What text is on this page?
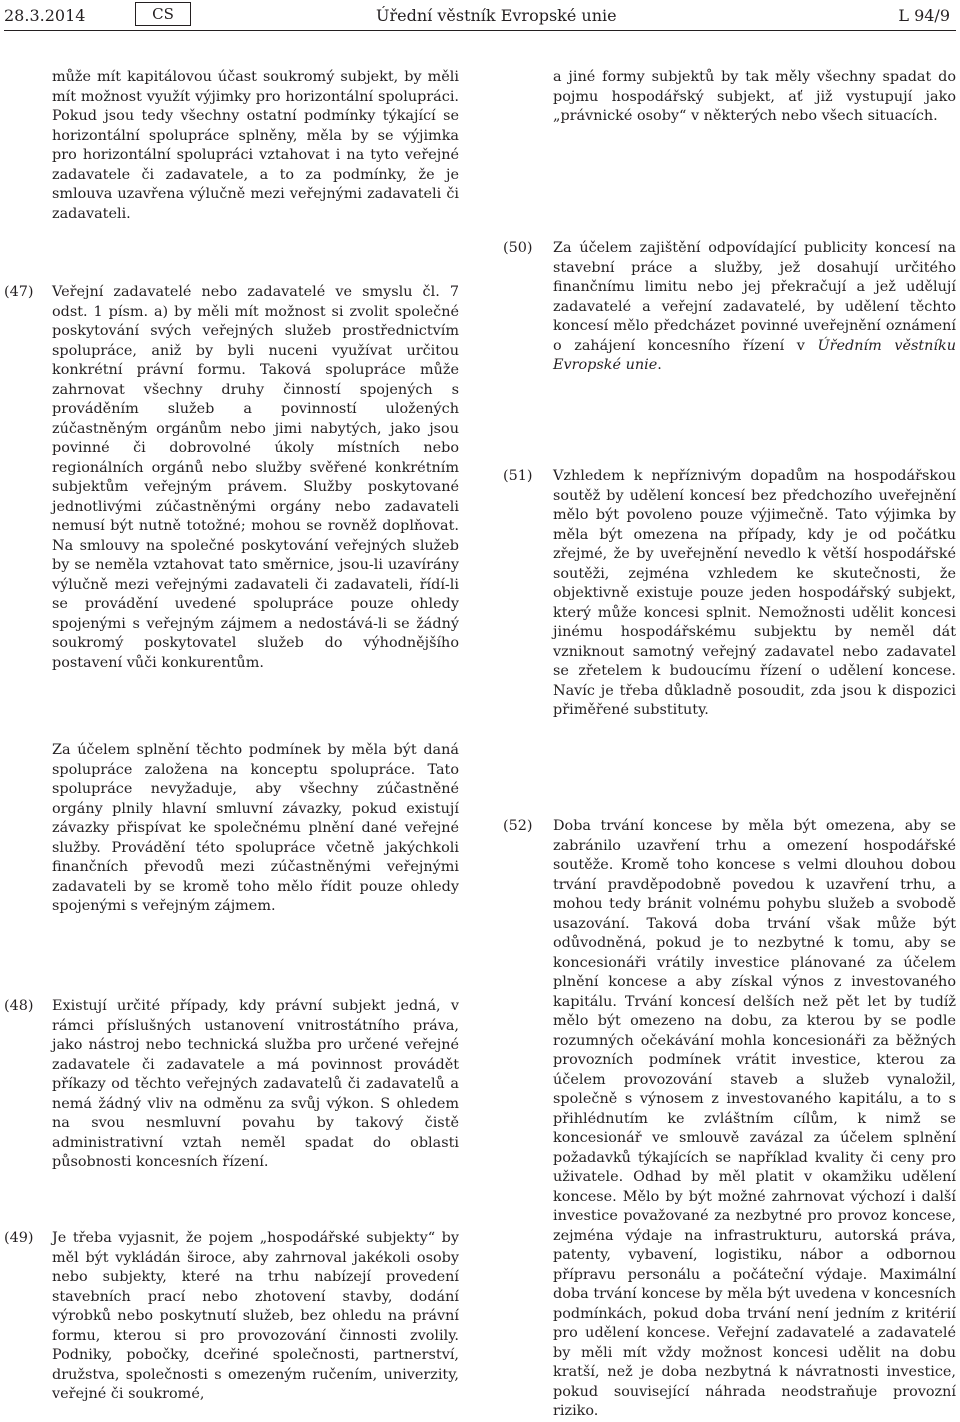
28.3.2014	CS	Úřední věstník Evropské unie	L 94/9
může mít kapitálovou účast soukromý subjekt, by měli mít možnost využít výjimky pro horizontální spolupráci. Pokud jsou tedy všechny ostatní podmínky týkající se horizontální spolupráce splněny, měla by se výjimka pro horizontální spolupráci vztahovat i na tyto veřejné zadavatele či zadavatele, a to za podmínky, že je smlouva uzavřena výlučně mezi veřejnými zadavateli či zadavateli.
(47) Veřejní zadavatelé nebo zadavatelé ve smyslu čl. 7 odst. 1 písm. a) by měli mít možnost si zvolit společné poskytování svých veřejných služeb prostřednictvím spolupráce, aniž by byli nuceni využívat určitou konkrétní právní formu. Taková spolupráce může zahrnovat všechny druhy činností spojených s prováděním služeb a povinností uložených zúčastněným orgánům nebo jimi nabytých, jako jsou povinné či dobrovolné úkoly místních nebo regionálních orgánů nebo služby svěřené konkrétním subjektům veřejným právem. Služby poskytované jednotlivými zúčastněnými orgány nebo zadavateli nemusí být nutně totožné; mohou se rovněž doplňovat. Na smlouvy na společné poskytování veřejných služeb by se neměla vztahovat tato směrnice, jsou-li uzavírány výlučně mezi veřejnými zadavateli či zadavateli, řídí-li se provádění uvedené spolupráce pouze ohledy spojenými s veřejným zájmem a nedostává-li se žádný soukromý poskytovatel služeb do výhodnějšího postavení vůči konkurentům.
Za účelem splnění těchto podmínek by měla být daná spolupráce založena na konceptu spolupráce. Tato spolupráce nevyžaduje, aby všechny zúčastněné orgány plnily hlavní smluvní závazky, pokud existují závazky přispívat ke společnému plnění dané veřejné služby. Provádění této spolupráce včetně jakýchkoli finančních převodů mezi zúčastněnými veřejnými zadavateli by se kromě toho mělo řídit pouze ohledy spojenými s veřejným zájmem.
(48) Existují určité případy, kdy právní subjekt jedná, v rámci příslušných ustanovení vnitrostátního práva, jako nástroj nebo technická služba pro určené veřejné zadavatele či zadavatele a má povinnost provádět příkazy od těchto veřejných zadavatelů či zadavatelů a nemá žádný vliv na odměnu za svůj výkon. S ohledem na svou nesmluvní povahu by takový čistě administrativní vztah neměl spadat do oblasti působnosti koncesních řízení.
(49) Je třeba vyjasnit, že pojem „hospodářské subjekty“ by měl být vykládán široce, aby zahrnoval jakékoli osoby nebo subjekty, které na trhu nabízejí provedení stavebních prací nebo zhotovení stavby, dodání výrobků nebo poskytnutí služeb, bez ohledu na právní formu, kterou si pro provozování činnosti zvolily. Podniky, pobočky, dceřiné společnosti, partnerství, družstva, společnosti s omezeným ručením, univerzity, veřejné či soukromé,
a jiné formy subjektů by tak měly všechny spadat do pojmu hospodářský subjekt, ať již vystupují jako „právnické osoby“ v některých nebo všech situacích.
(50) Za účelem zajištění odpovídající publicity koncesí na stavební práce a služby, jež dosahují určitého finančnímu limitu nebo jej překračují a jež udělují zadavatelé a veřejní zadavatelé, by udělení těchto koncesí mělo předcházet povinné uveřejnění oznámení o zahájení koncesního řízení v Úředním věstníku Evropské unie.
(51) Vzhledem k nepříznivým dopadům na hospodářskou soutěž by udělení koncesí bez předchozího uveřejnění mělo být povoleno pouze výjimečně. Tato výjimka by měla být omezena na případy, kdy je od počátku zřejmé, že by uveřejnění nevedlo k větší hospodářské soutěži, zejména vzhledem ke skutečnosti, že objektivně existuje pouze jeden hospodářský subjekt, který může koncesi splnit. Nemožnosti udělit koncesi jinému hospodářskému subjektu by neměl dát vzniknout samotný veřejný zadavatel nebo zadavatel se zřetelem k budoucímu řízení o udělení koncese. Navíc je třeba důkladně posoudit, zda jsou k dispozici přiměřené substituty.
(52) Doba trvání koncese by měla být omezena, aby se zabránilo uzavření trhu a omezení hospodářské soutěže. Kromě toho koncese s velmi dlouhou dobou trvání pravděpodobně povedou k uzavření trhu, a mohou tedy bránit volnému pohybu služeb a svobodě usazování. Taková doba trvání však může být odůvodněná, pokud je to nezbytné k tomu, aby se koncesionáři vrátily investice plánované za účelem plnění koncese a aby získal výnos z investovaného kapitálu. Trvání koncesí delších než pět let by tudíž mělo být omezeno na dobu, za kterou by se podle rozumných očekávání mohla koncesionáři za běžných provozních podmínek vrátit investice, kterou za účelem provozování staveb a služeb vynaložil, společně s výnosem z investovaného kapitálu, a to s přihlédnutím ke zvláštním cílům, k nimž se koncesionář ve smlouvě zavázal za účelem splnění požadavků týkajících se například kvality či ceny pro uživatele. Odhad by měl platit v okamžiku udělení koncese. Mělo by být možné zahrnovat výchozí i další investice považované za nezbytné pro provoz koncese, zejména výdaje na infrastrukturu, autorská práva, patenty, vybavení, logistiku, nábor a odbornou přípravu personálu a počáteční výdaje. Maximální doba trvání koncese by měla být uvedena v koncesních podmínkách, pokud doba trvání není jedním z kritérií pro udělení koncese. Veřejní zadavatelé a zadavatelé by měli mít vždy možnost koncesi udělit na dobu kratší, než je doba nezbytná k návratnosti investice, pokud související náhrada neodstraňuje provozní riziko.
